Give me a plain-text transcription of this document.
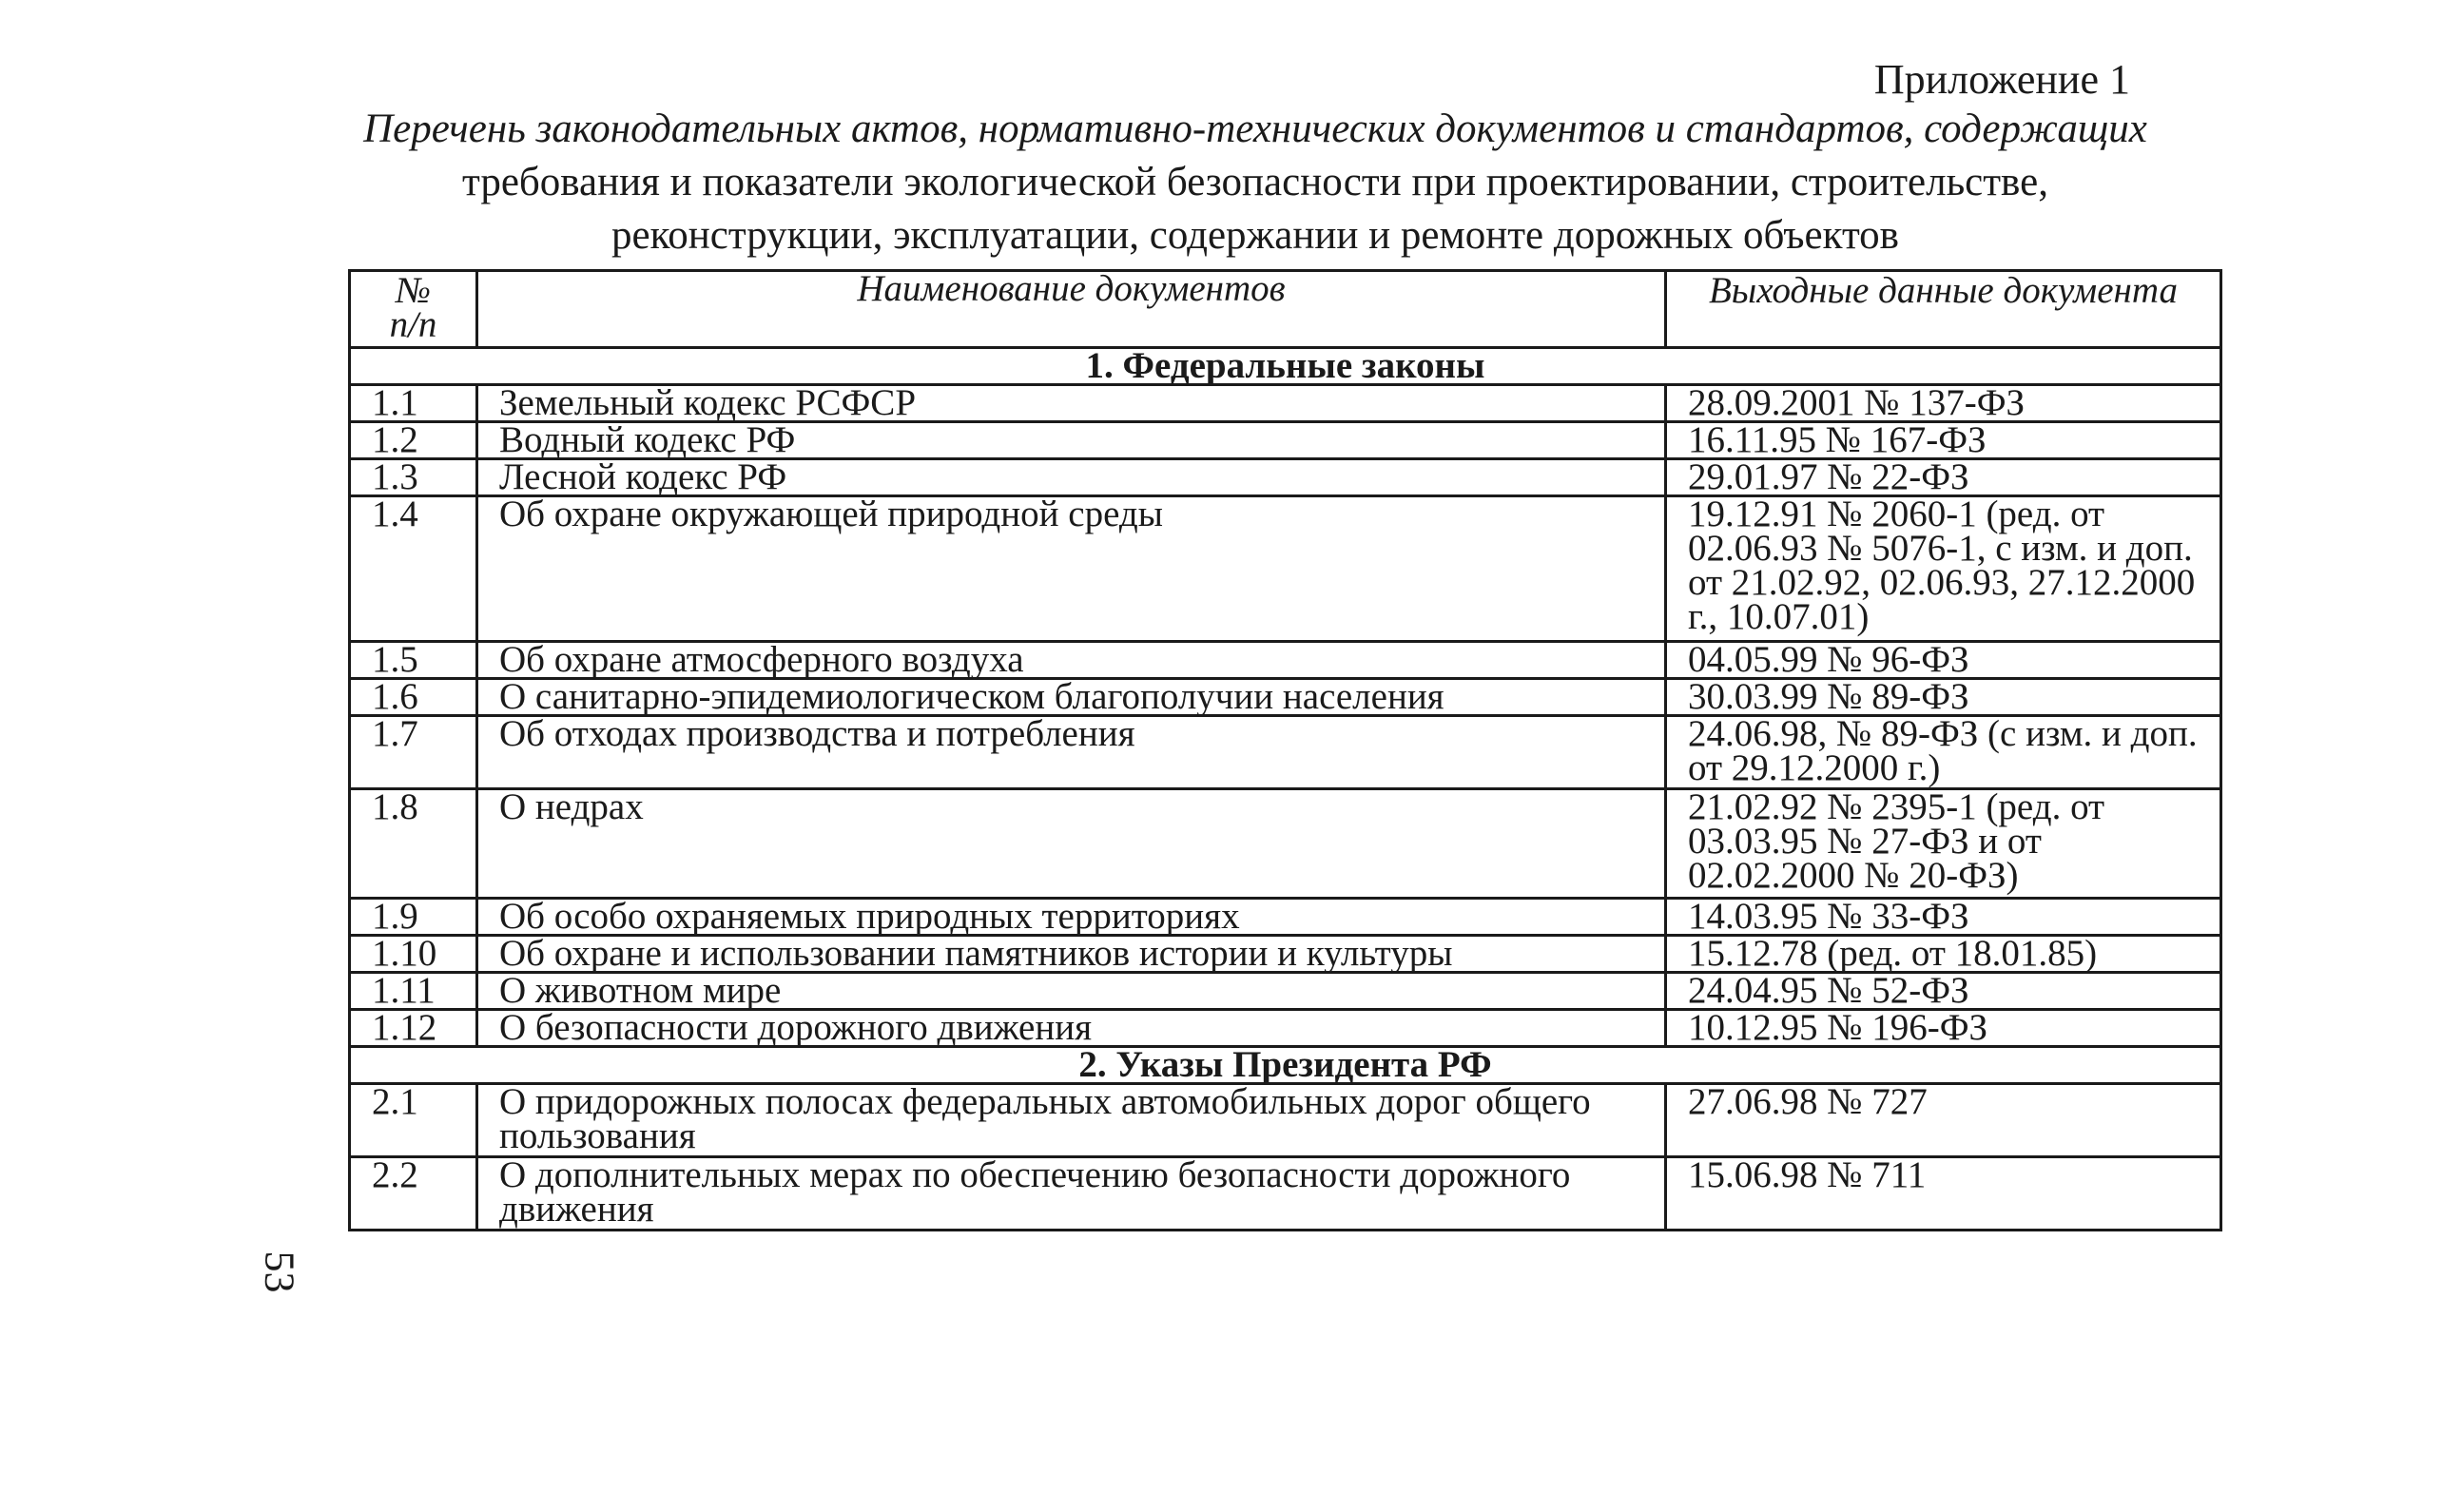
Приложение 1
Перечень законодательных актов, нормативно-технических документов и стандартов, содержащих
требования и показатели экологической безопасности при проектировании, строительстве,
реконструкции, эксплуатации, содержании и ремонте дорожных объектов
№
п/п	Наименование документов	Выходные данные документа
1. Федеральные законы		
1.1	Земельный кодекс РСФСР	28.09.2001 № 137-ФЗ
1.2	Водный кодекс РФ	16.11.95 № 167-ФЗ
1.3	Лесной кодекс РФ	29.01.97 № 22-ФЗ
1.4	Об охране окружающей природной среды	19.12.91 № 2060-1 (ред. от 02.06.93 № 5076-1, с изм. и доп. от 21.02.92, 02.06.93, 27.12.2000 г., 10.07.01)
1.5	Об охране атмосферного воздуха	04.05.99 № 96-ФЗ
1.6	О санитарно-эпидемиологическом благополучии населения	30.03.99 № 89-ФЗ
1.7	Об отходах производства и потребления	24.06.98, № 89-ФЗ (с изм. и доп. от 29.12.2000 г.)
1.8	О недрах	21.02.92 № 2395-1 (ред. от 03.03.95 № 27-ФЗ и от 02.02.2000 № 20-ФЗ)
1.9	Об особо охраняемых природных территориях	14.03.95 № 33-ФЗ
1.10	Об охране и использовании памятников истории и культуры	15.12.78 (ред. от 18.01.85)
1.11	О животном мире	24.04.95 № 52-ФЗ
1.12	О безопасности дорожного движения	10.12.95 № 196-ФЗ
2. Указы Президента РФ		
2.1	О придорожных полосах федеральных автомобильных дорог общего пользования	27.06.98 № 727
2.2	О дополнительных мерах по обеспечению безопасности дорожного движения	15.06.98 № 711
53
